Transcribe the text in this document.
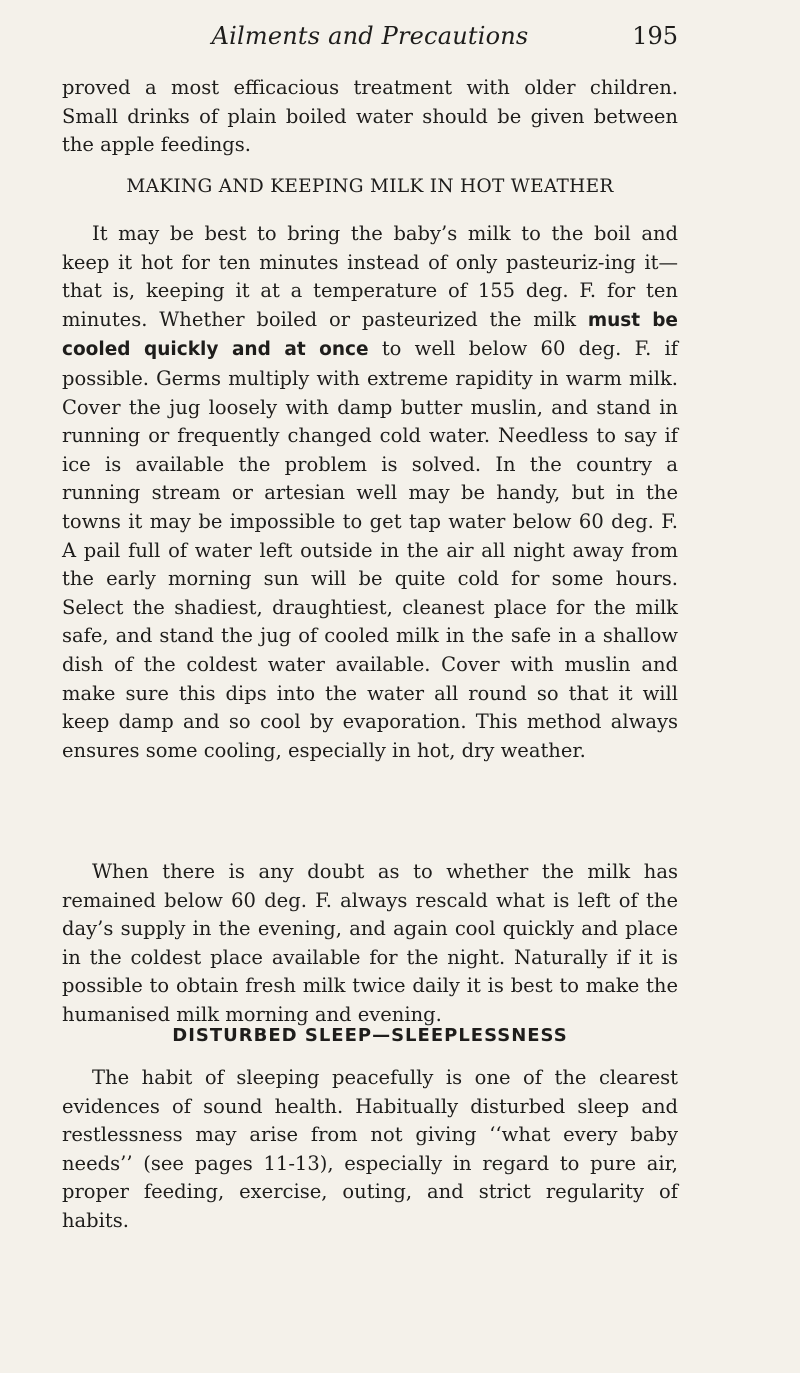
Ailments and Precautions	195

proved a most efficacious treatment with older children. Small drinks of plain boiled water should be given between the apple feedings.

MAKING AND KEEPING MILK IN HOT WEATHER

It may be best to bring the baby’s milk to the boil and keep it hot for ten minutes instead of only pasteuriz-ing it— that is, keeping it at a temperature of 155 deg. F. for ten minutes. Whether boiled or pasteurized the milk must be cooled quickly and at once to well below 60 deg. F. if possible. Germs multiply with extreme rapidity in warm milk. Cover the jug loosely with damp butter muslin, and stand in running or frequently changed cold water. Needless to say if ice is available the problem is solved. In the country a running stream or artesian well may be handy, but in the towns it may be impossible to get tap water below 60 deg. F. A pail full of water left outside in the air all night away from the early morning sun will be quite cold for some hours. Select the shadiest, draughtiest, cleanest place for the milk safe, and stand the jug of cooled milk in the safe in a shallow dish of the coldest water available. Cover with muslin and make sure this dips into the water all round so that it will keep damp and so cool by evaporation. This method always ensures some cooling, especially in hot, dry weather.

When there is any doubt as to whether the milk has remained below 60 deg. F. always rescald what is left of the day’s supply in the evening, and again cool quickly and place in the coldest place available for the night. Naturally if it is possible to obtain fresh milk twice daily it is best to make the humanised milk morning and evening.

DISTURBED SLEEP—SLEEPLESSNESS

The habit of sleeping peacefully is one of the clearest evidences of sound health. Habitually disturbed sleep and restlessness may arise from not giving ‘‘what every baby needs’’ (see pages 11-13), especially in regard to pure air, proper feeding, exercise, outing, and strict regularity of habits.
